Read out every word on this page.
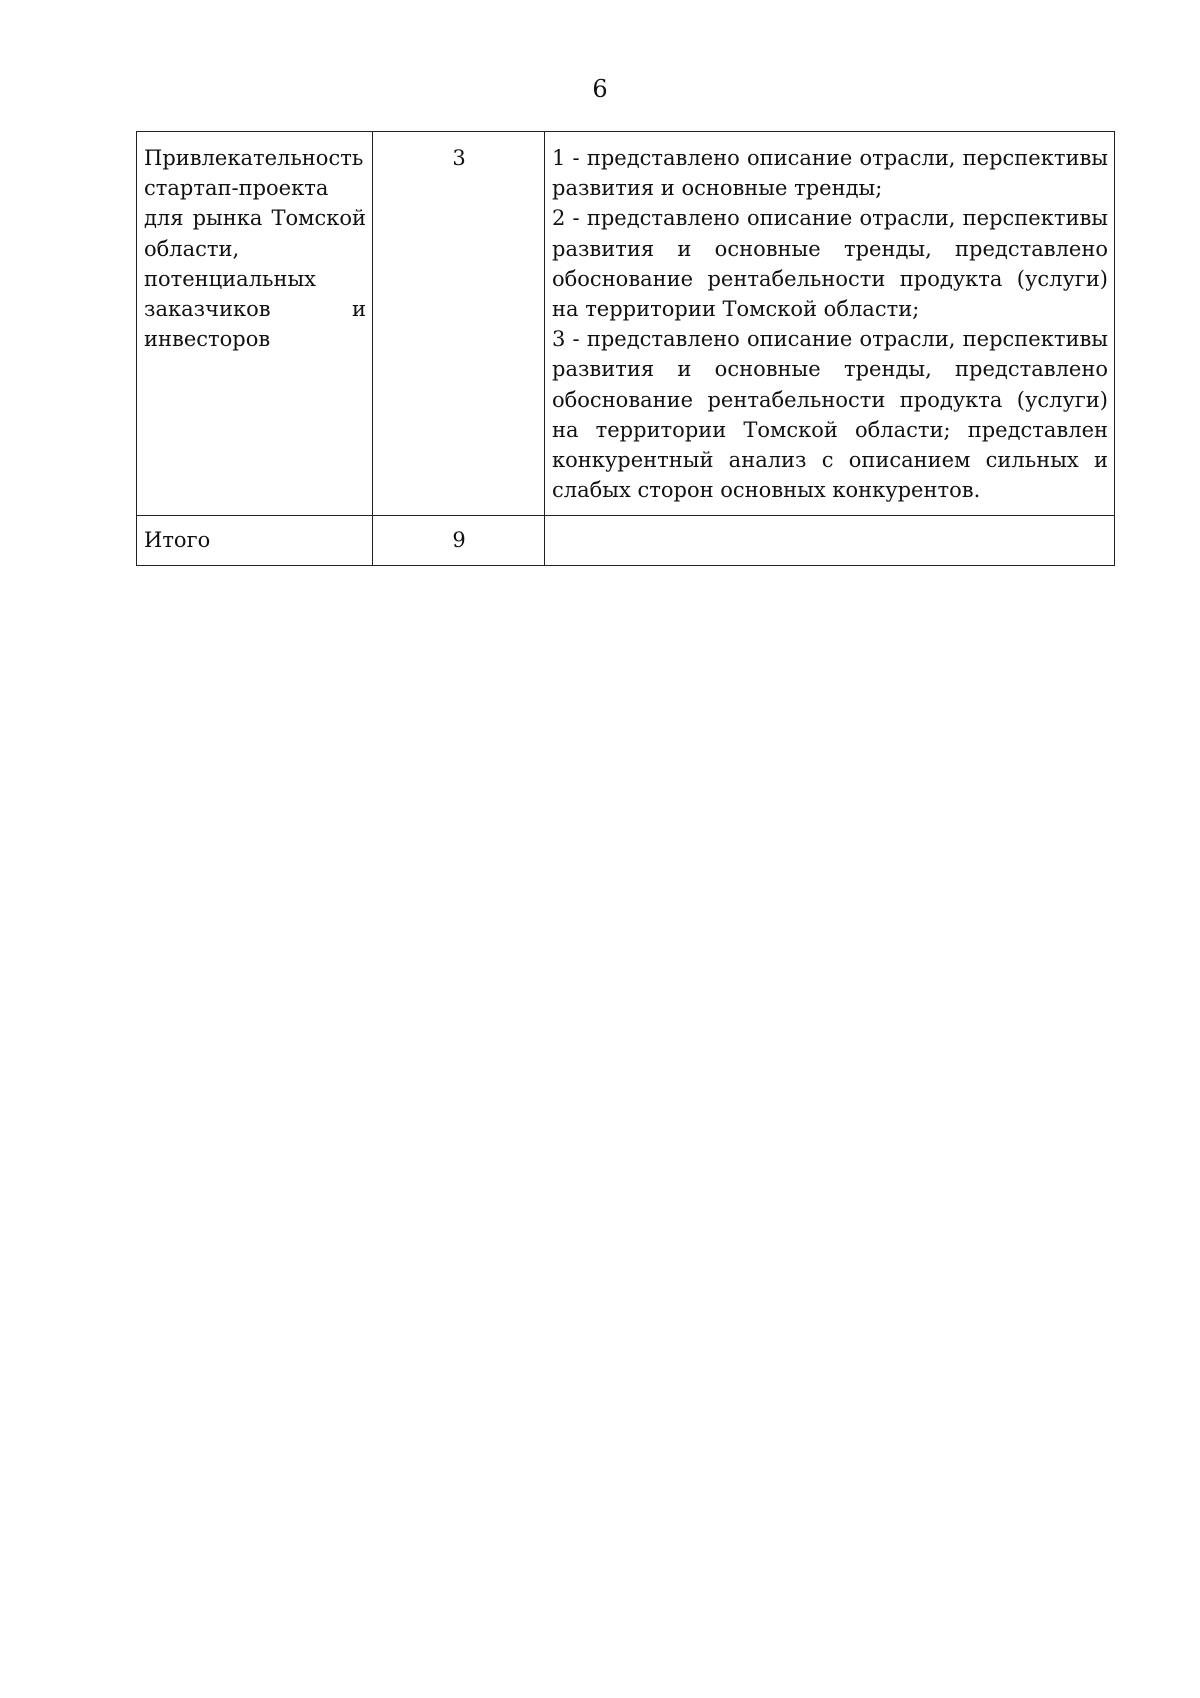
6
Привлекательность стартап-проекта для рынка Томской области, потенциальных заказчиков и инвесторов	3	1 - представлено описание отрасли, перспективы развития и основные тренды;
2 - представлено описание отрасли, перспективы развития и основные тренды, представлено обоснование рентабельности продукта (услуги) на территории Томской области;
3 - представлено описание отрасли, перспективы развития и основные тренды, представлено обоснование рентабельности продукта (услуги) на территории Томской области; представлен конкурентный анализ с описанием сильных и слабых сторон основных конкурентов.

Итого	9	
